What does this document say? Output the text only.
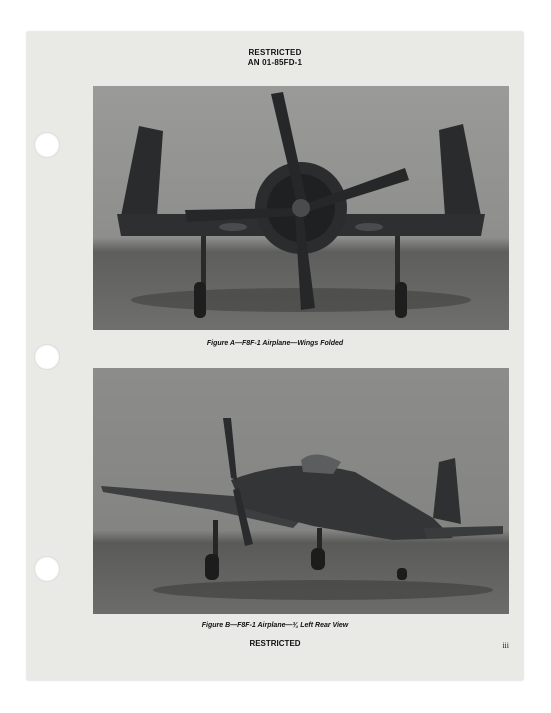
RESTRICTED
AN 01-85FD-1
Figure A—F8F-1 Airplane—Wings Folded
Figure B—F8F-1 Airplane—¾ Left Rear View
RESTRICTED	iii
